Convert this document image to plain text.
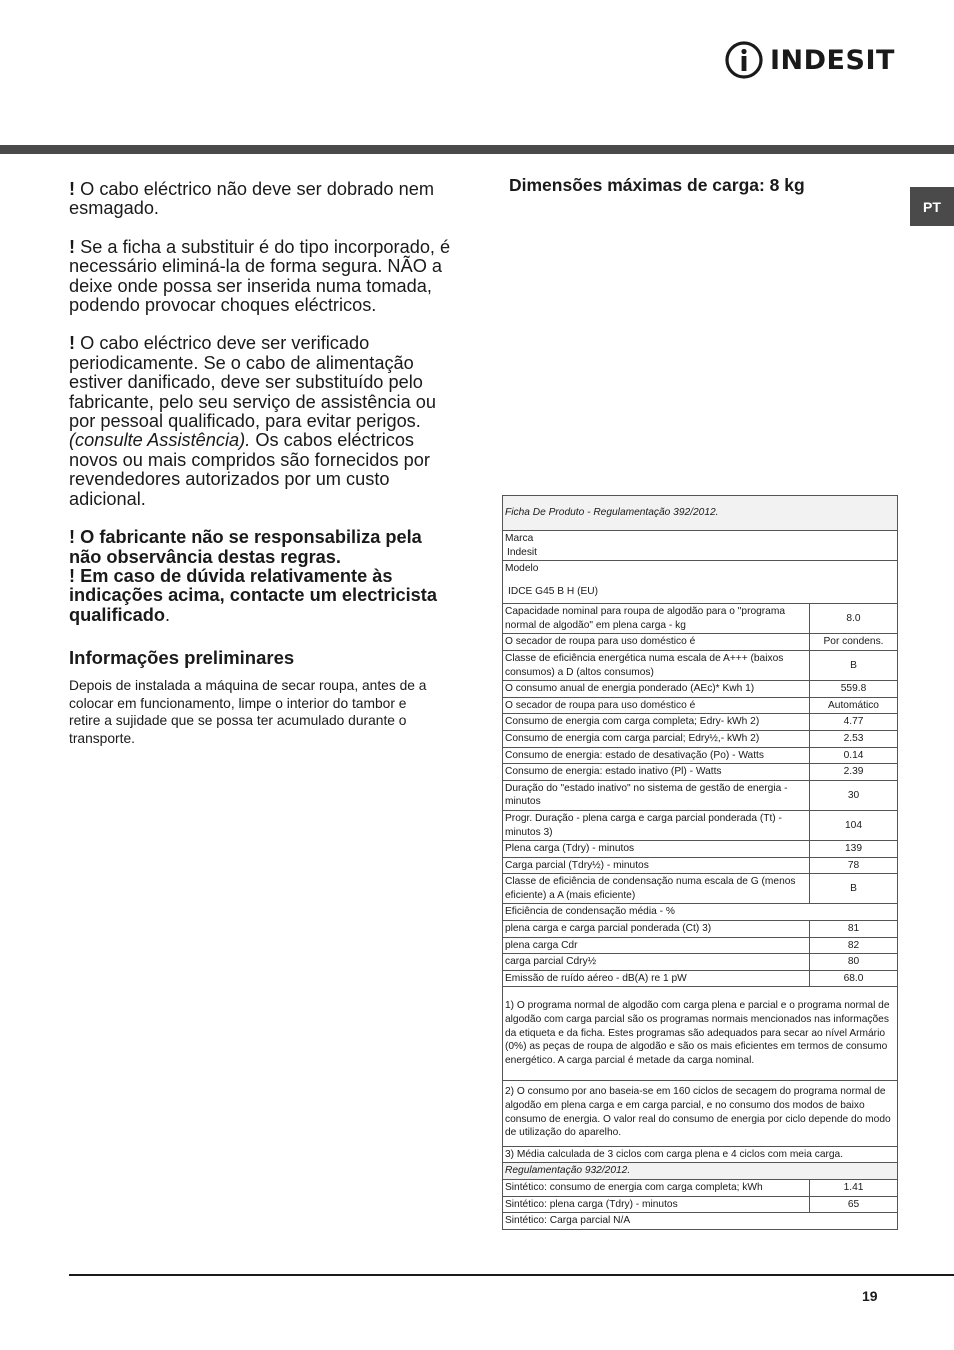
INDESIT
PT

! O cabo eléctrico não deve ser dobrado nem esmagado.

! Se a ficha a substituir é do tipo incorporado, é necessário eliminá-la de forma segura. NÃO a deixe onde possa ser inserida numa tomada, podendo provocar choques eléctricos.

! O cabo eléctrico deve ser verificado periodicamente. Se o cabo de alimentação estiver danificado, deve ser substituído pelo fabricante, pelo seu serviço de assistência ou por pessoal qualificado, para evitar perigos. (consulte Assistência). Os cabos eléctricos novos ou mais compridos são fornecidos por revendedores autorizados por um custo adicional.

! O fabricante não se responsabiliza pela não observância destas regras.

! Em caso de dúvida relativamente às indicações acima, contacte um electricista qualificado.

Informações preliminares

Depois de instalada a máquina de secar roupa, antes de a colocar em funcionamento, limpe o interior do tambor e retire a sujidade que se possa ter acumulado durante o transporte.

Dimensões máximas de carga: 8 kg
Ficha De Produto - Regulamentação 392/2012.	

Marca
Indesit	

Modelo
IDCE G45 B H (EU)	

Capacidade nominal para roupa de algodão para o "programa normal de algodão" em plena carga - kg	8.0
O secador de roupa para uso doméstico é	Por condens.
Classe de eficiência energética numa escala de A+++ (baixos consumos) a D (altos consumos)	B
O consumo anual de energia ponderado (AEc)* Kwh 1)	559.8
O secador de roupa para uso doméstico é	Automático
Consumo de energia com carga completa; Edry- kWh 2)	4.77
Consumo de energia com carga parcial; Edry½,- kWh 2)	2.53
Consumo de energia: estado de desativação (Po) - Watts	0.14
Consumo de energia: estado inativo (Pl) - Watts	2.39
Duração do "estado inativo" no sistema de gestão de energia - minutos	30
Progr. Duração - plena carga e carga parcial ponderada (Tt) - minutos 3)	104
Plena carga (Tdry) - minutos	139
Carga parcial (Tdry½) - minutos	78
Classe de eficiência de condensação numa escala de G (menos eficiente) a A (mais eficiente)	B
Eficiência de condensação média - %	
plena carga e carga parcial ponderada (Ct) 3)	81
plena carga Cdr	82
carga parcial Cdry½	80
Emissão de ruído aéreo - dB(A) re 1 pW	68.0
1) O programa normal de algodão com carga plena e parcial e o programa normal de algodão com carga parcial são os programas normais mencionados nas informações da etiqueta e da ficha. Estes programas são adequados para secar ao nível Armário (0%) as peças de roupa de algodão e são os mais eficientes em termos de consumo energético. A carga parcial é metade da carga nominal.	
2) O consumo por ano baseia-se em 160 ciclos de secagem do programa normal de algodão em plena carga e em carga parcial, e no consumo dos modos de baixo consumo de energia. O valor real do consumo de energia por ciclo depende do modo de utilização do aparelho.	
3) Média calculada de 3 ciclos com carga plena e 4 ciclos com meia carga.	
Regulamentação 932/2012.	
Sintético: consumo de energia com carga completa; kWh	1.41
Sintético: plena carga (Tdry) - minutos	65
Sintético: Carga parcial N/A	
19
